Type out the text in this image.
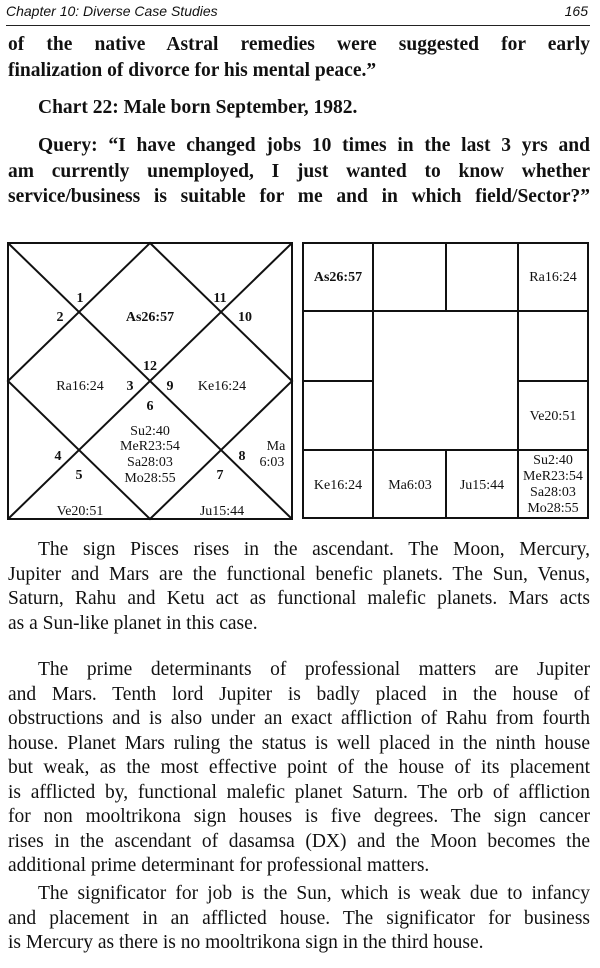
Chapter 10: Diverse Case Studies	165
of the native Astral remedies were suggested for early
finalization of divorce for his mental peace.”
Chart 22: Male born September, 1982.
Query: “I have changed jobs 10 times in the last 3 yrs and
am currently unemployed, I just wanted to know whether
service/business is suitable for me and in which field/Sector?”
1
2	As26:57
11
10
12
Ra16:24 3 9 Ke16:24
6
Su2:40
MeR23:54
Sa28:03
Mo28:55
4
5	7
8
Ma
6:03
Ve20:51	Ju15:44
As26:57	Ra16:24
Ve20:51
Ke16:24 Ma6:03 Ju15:44
Su2:40
MeR23:54
Sa28:03
Mo28:55
The sign Pisces rises in the ascendant. The Moon, Mercury,
Jupiter and Mars are the functional benefic planets. The Sun, Venus,
Saturn, Rahu and Ketu act as functional malefic planets. Mars acts
as a Sun-like planet in this case.
The prime determinants of professional matters are Jupiter
and Mars. Tenth lord Jupiter is badly placed in the house of
obstructions and is also under an exact affliction of Rahu from fourth
house. Planet Mars ruling the status is well placed in the ninth house
but weak, as the most effective point of the house of its placement
is afflicted by, functional malefic planet Saturn. The orb of affliction
for non mooltrikona sign houses is five degrees. The sign cancer
rises in the ascendant of dasamsa (DX) and the Moon becomes the
additional prime determinant for professional matters.
The significator for job is the Sun, which is weak due to infancy
and placement in an afflicted house. The significator for business
is Mercury as there is no mooltrikona sign in the third house.
